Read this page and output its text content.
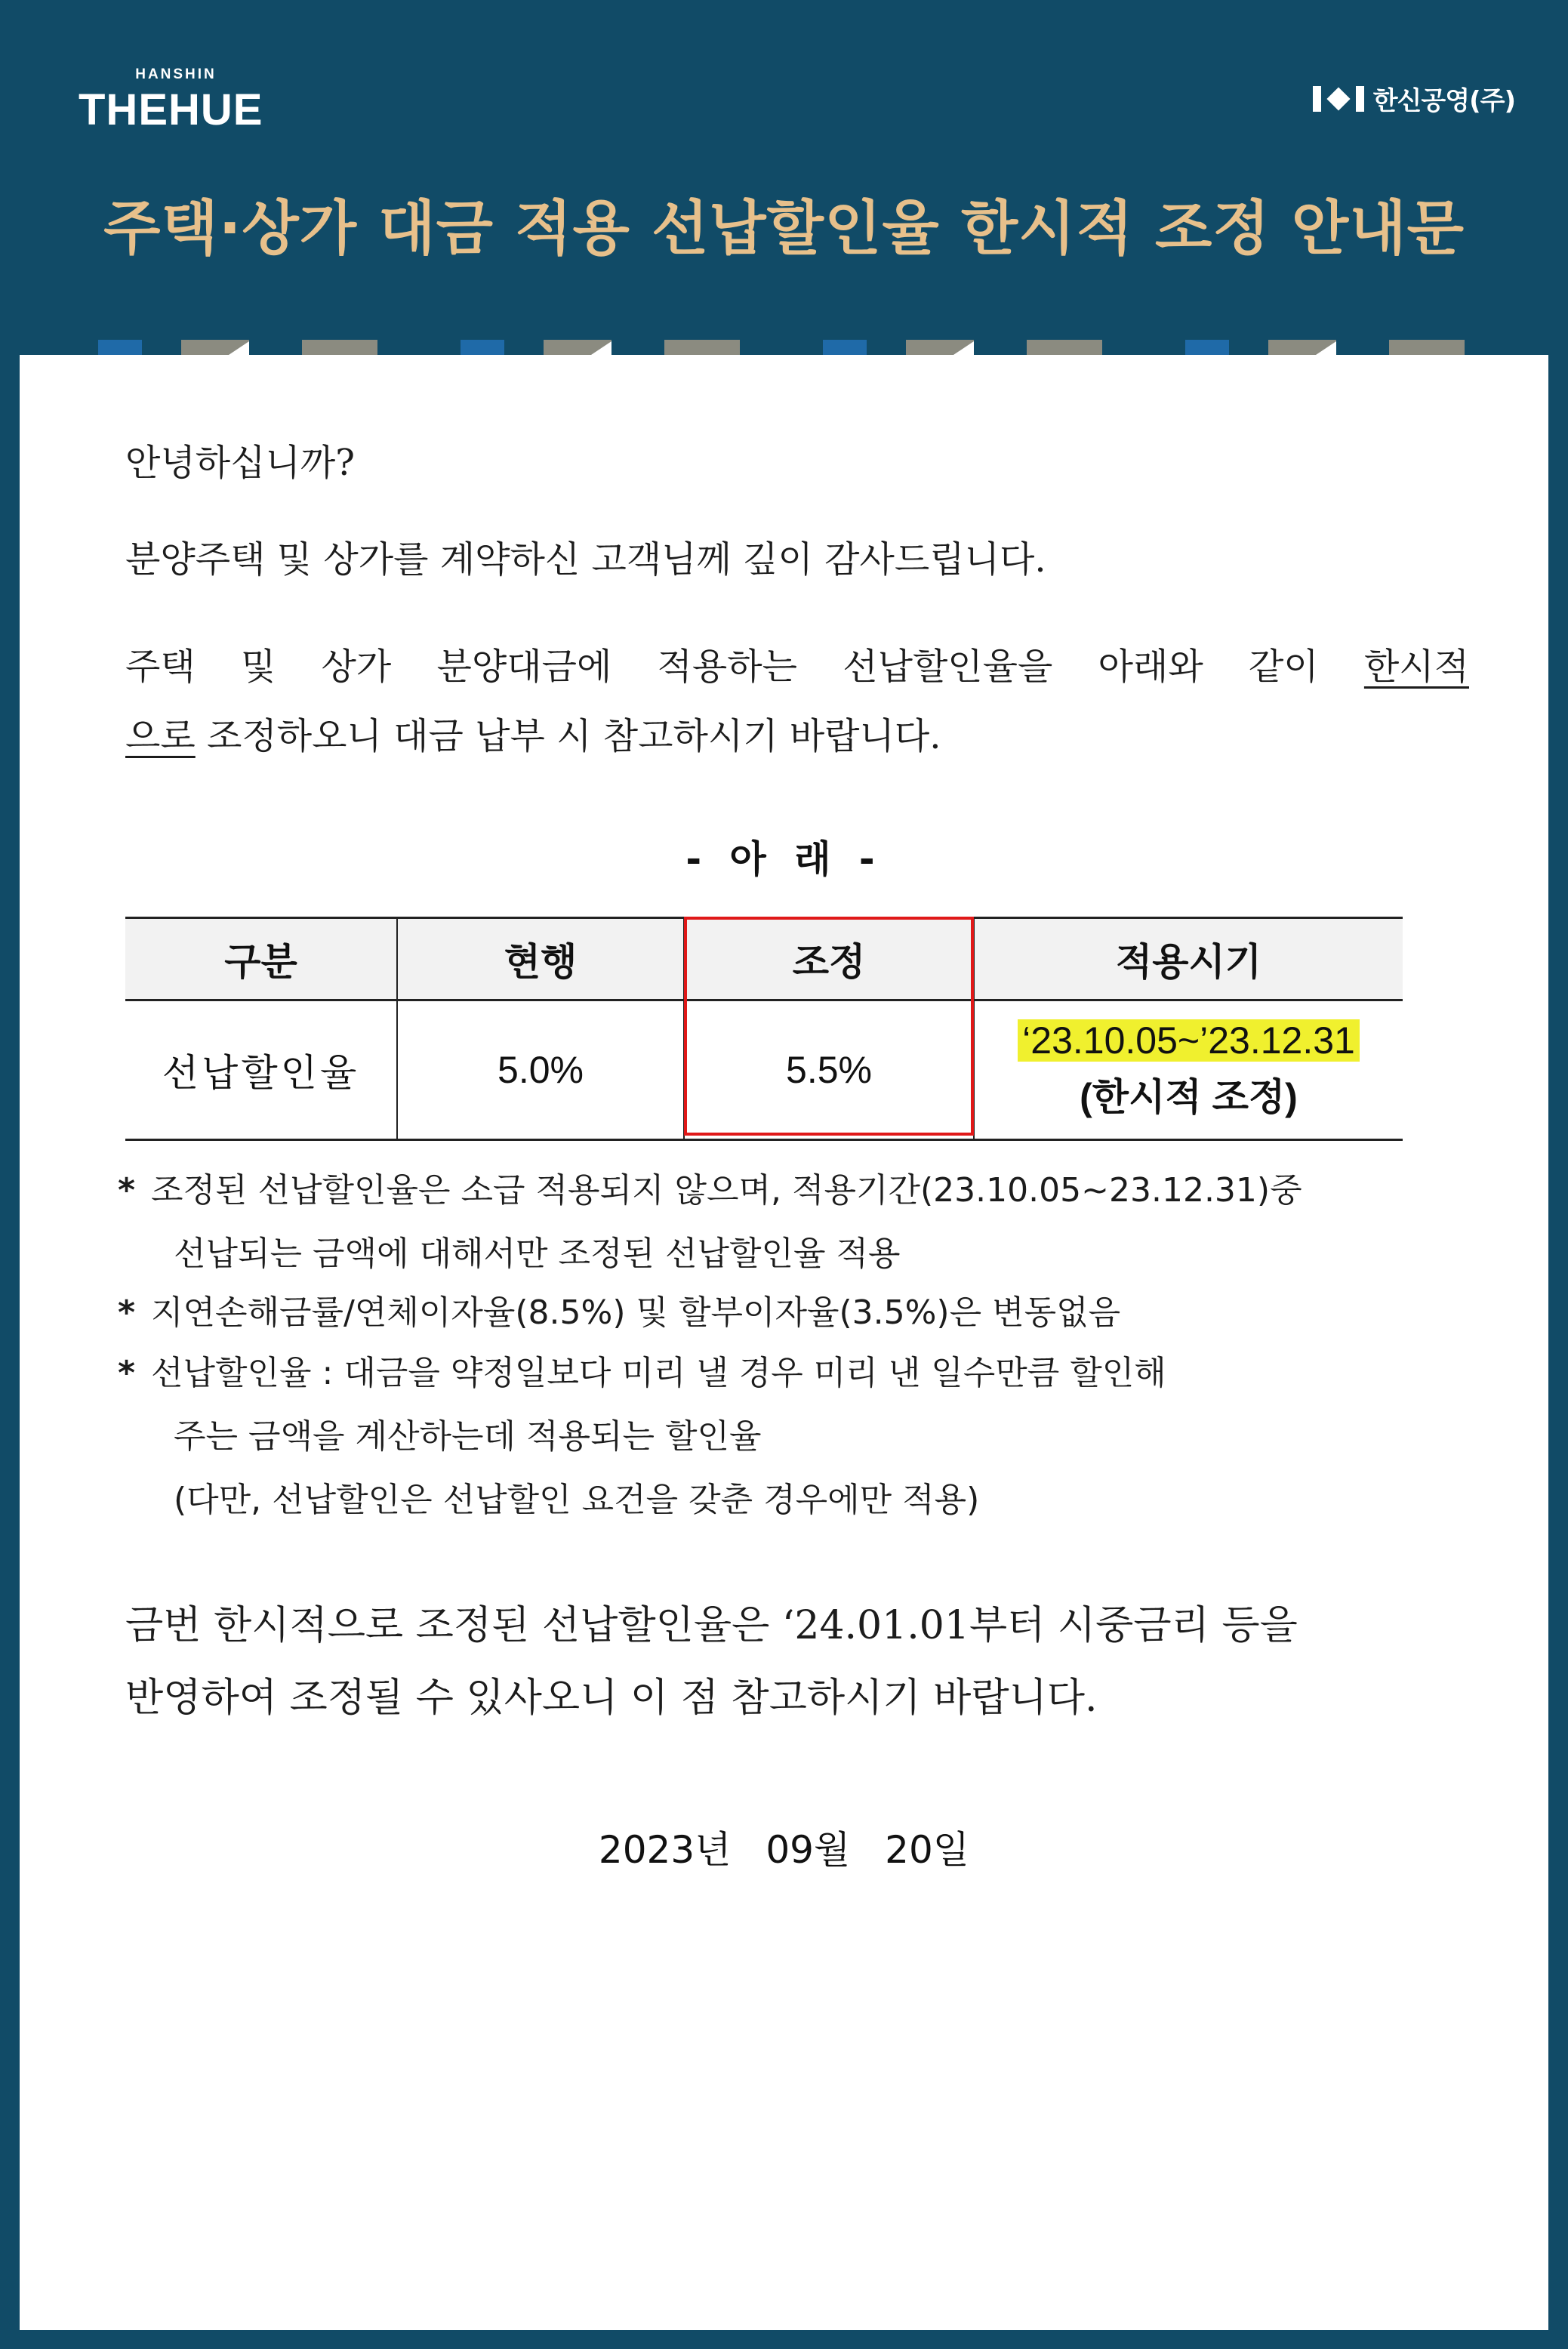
HANSHIN
THEHUE	한신공영(주)
주택·상가 대금 적용 선납할인율 한시적 조정 안내문

안녕하십니까?

분양주택 및 상가를 계약하신 고객님께 깊이 감사드립니다.

주택 및 상가 분양대금에 적용하는 선납할인율을 아래와 같이 한시적
으로 조정하오니 대금 납부 시 참고하시기 바랍니다.
- 아 래 -
구분	현행	조정	적용시기
선납할인율	5.0%	5.5%	‘23.10.05~’23.12.31
(한시적 조정)
* 조정된 선납할인율은 소급 적용되지 않으며, 적용기간(23.10.05~23.12.31)중
선납되는 금액에 대해서만 조정된 선납할인율 적용
* 지연손해금률/연체이자율(8.5%) 및 할부이자율(3.5%)은 변동없음
* 선납할인율 : 대금을 약정일보다 미리 낼 경우 미리 낸 일수만큼 할인해
주는 금액을 계산하는데 적용되는 할인율
(다만, 선납할인은 선납할인 요건을 갖춘 경우에만 적용)
금번 한시적으로 조정된 선납할인율은 ‘24.01.01부터 시중금리 등을
반영하여 조정될 수 있사오니 이 점 참고하시기 바랍니다.
2023년 09월 20일
